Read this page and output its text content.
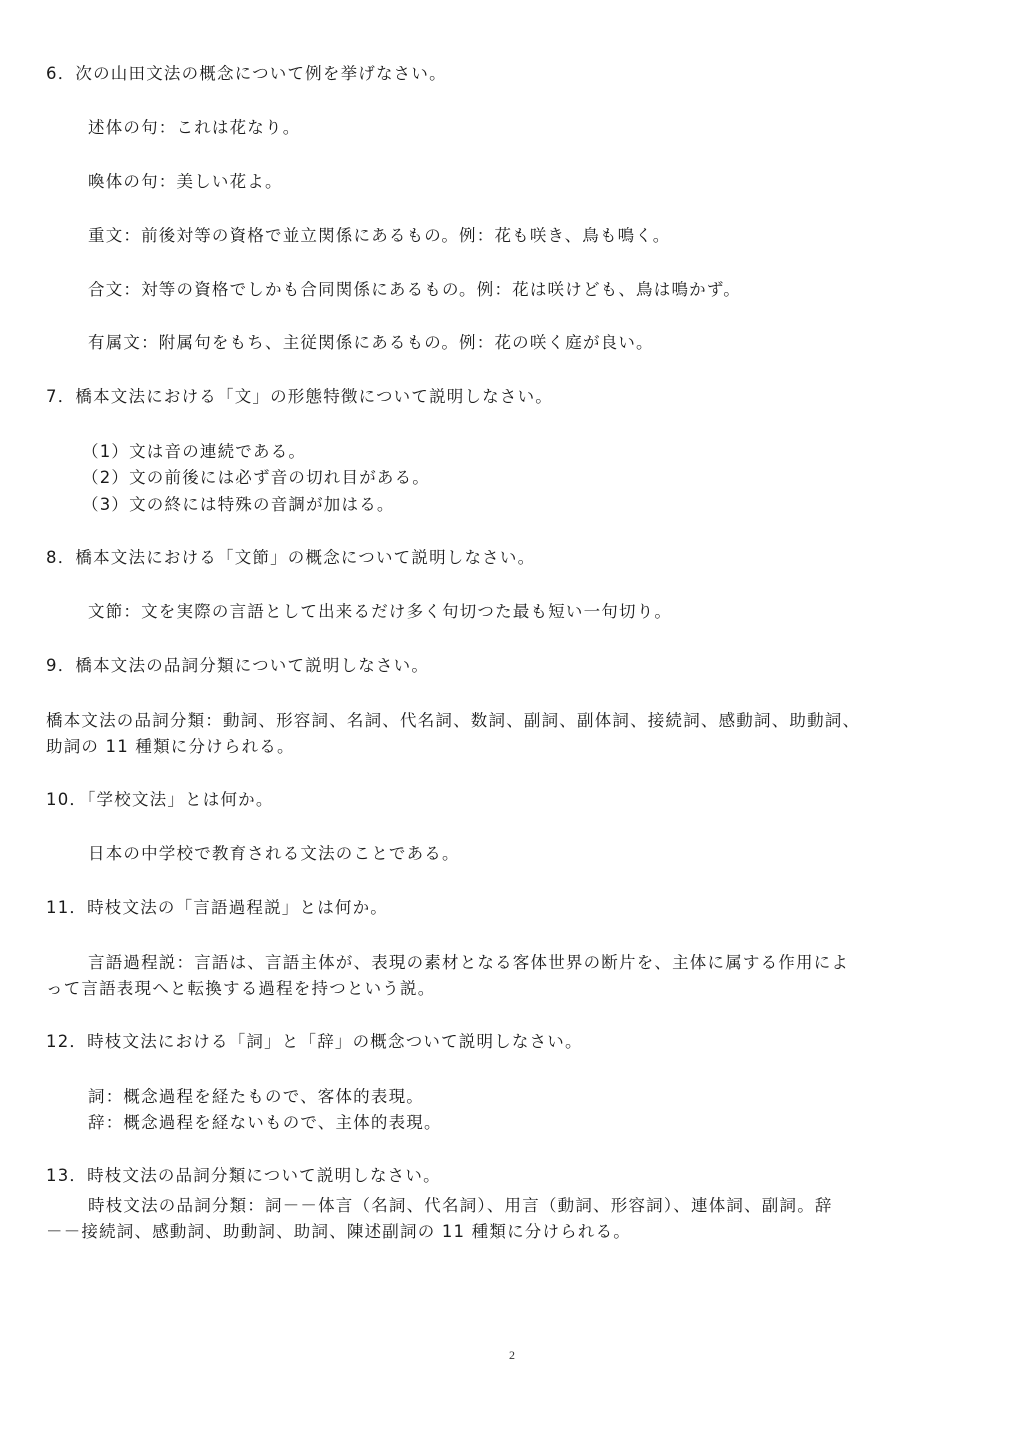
6．次の山田文法の概念について例を挙げなさい。
述体の句：これは花なり。
喚体の句：美しい花よ。
重文：前後対等の資格で並立関係にあるもの。例：花も咲き、鳥も鳴く。
合文：対等の資格でしかも合同関係にあるもの。例：花は咲けども、鳥は鳴かず。
有属文：附属句をもち、主従関係にあるもの。例：花の咲く庭が良い。
7．橋本文法における「文」の形態特徴について説明しなさい。
（1）文は音の連続である。
（2）文の前後には必ず音の切れ目がある。
（3）文の終には特殊の音調が加はる。
8．橋本文法における「文節」の概念について説明しなさい。
文節：文を実際の言語として出来るだけ多く句切つた最も短い一句切り。
9．橋本文法の品詞分類について説明しなさい。
橋本文法の品詞分類：動詞、形容詞、名詞、代名詞、数詞、副詞、副体詞、接続詞、感動詞、助動詞、
助詞の 11 種類に分けられる。
10．「学校文法」とは何か。
日本の中学校で教育される文法のことである。
11．時枝文法の「言語過程説」とは何か。
言語過程説：言語は、言語主体が、表現の素材となる客体世界の断片を、主体に属する作用によ
って言語表現へと転換する過程を持つという説。
12．時枝文法における「詞」と「辞」の概念ついて説明しなさい。
詞：概念過程を経たもので、客体的表現。
辞：概念過程を経ないもので、主体的表現。
13．時枝文法の品詞分類について説明しなさい。
時枝文法の品詞分類：詞－－体言（名詞、代名詞）、用言（動詞、形容詞）、連体詞、副詞。辞
－－接続詞、感動詞、助動詞、助詞、陳述副詞の 11 種類に分けられる。
2
